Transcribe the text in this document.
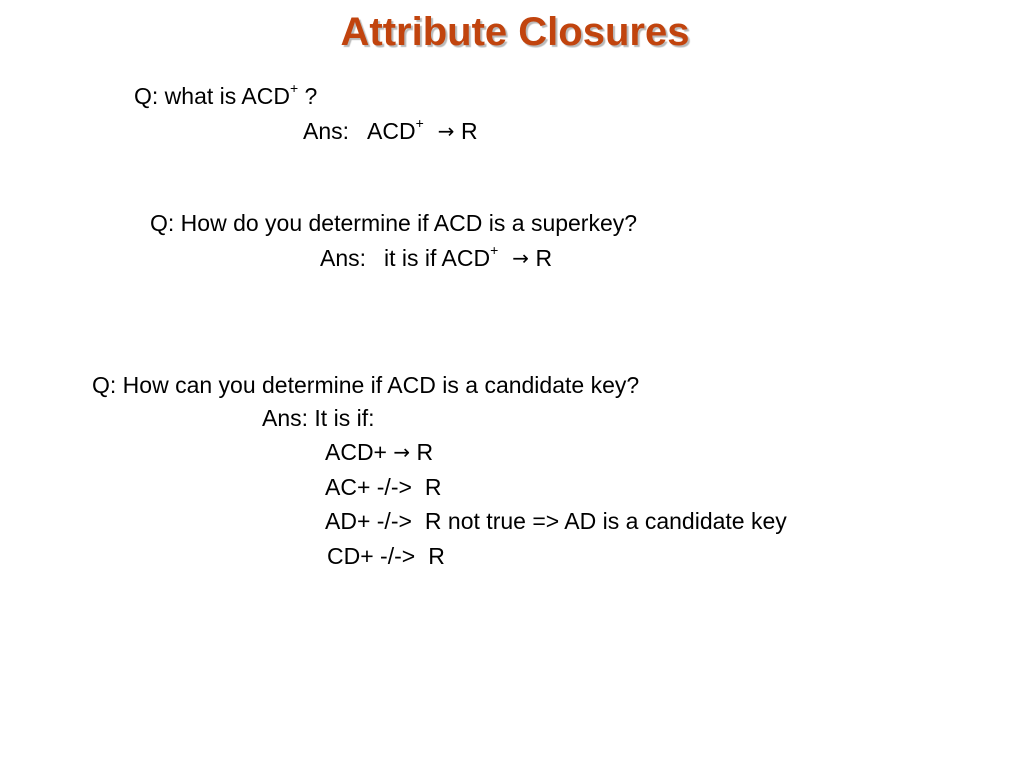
Attribute Closures
Q: what is ACD+ ?
Ans: ACD+ → R
Q: How do you determine if ACD is a superkey?
Ans: it is if ACD+ → R
Q: How can you determine if ACD is a candidate key?
Ans: It is if:
ACD+ → R
AC+ -/-> R
AD+ -/-> R not true => AD is a candidate key
CD+ -/-> R
